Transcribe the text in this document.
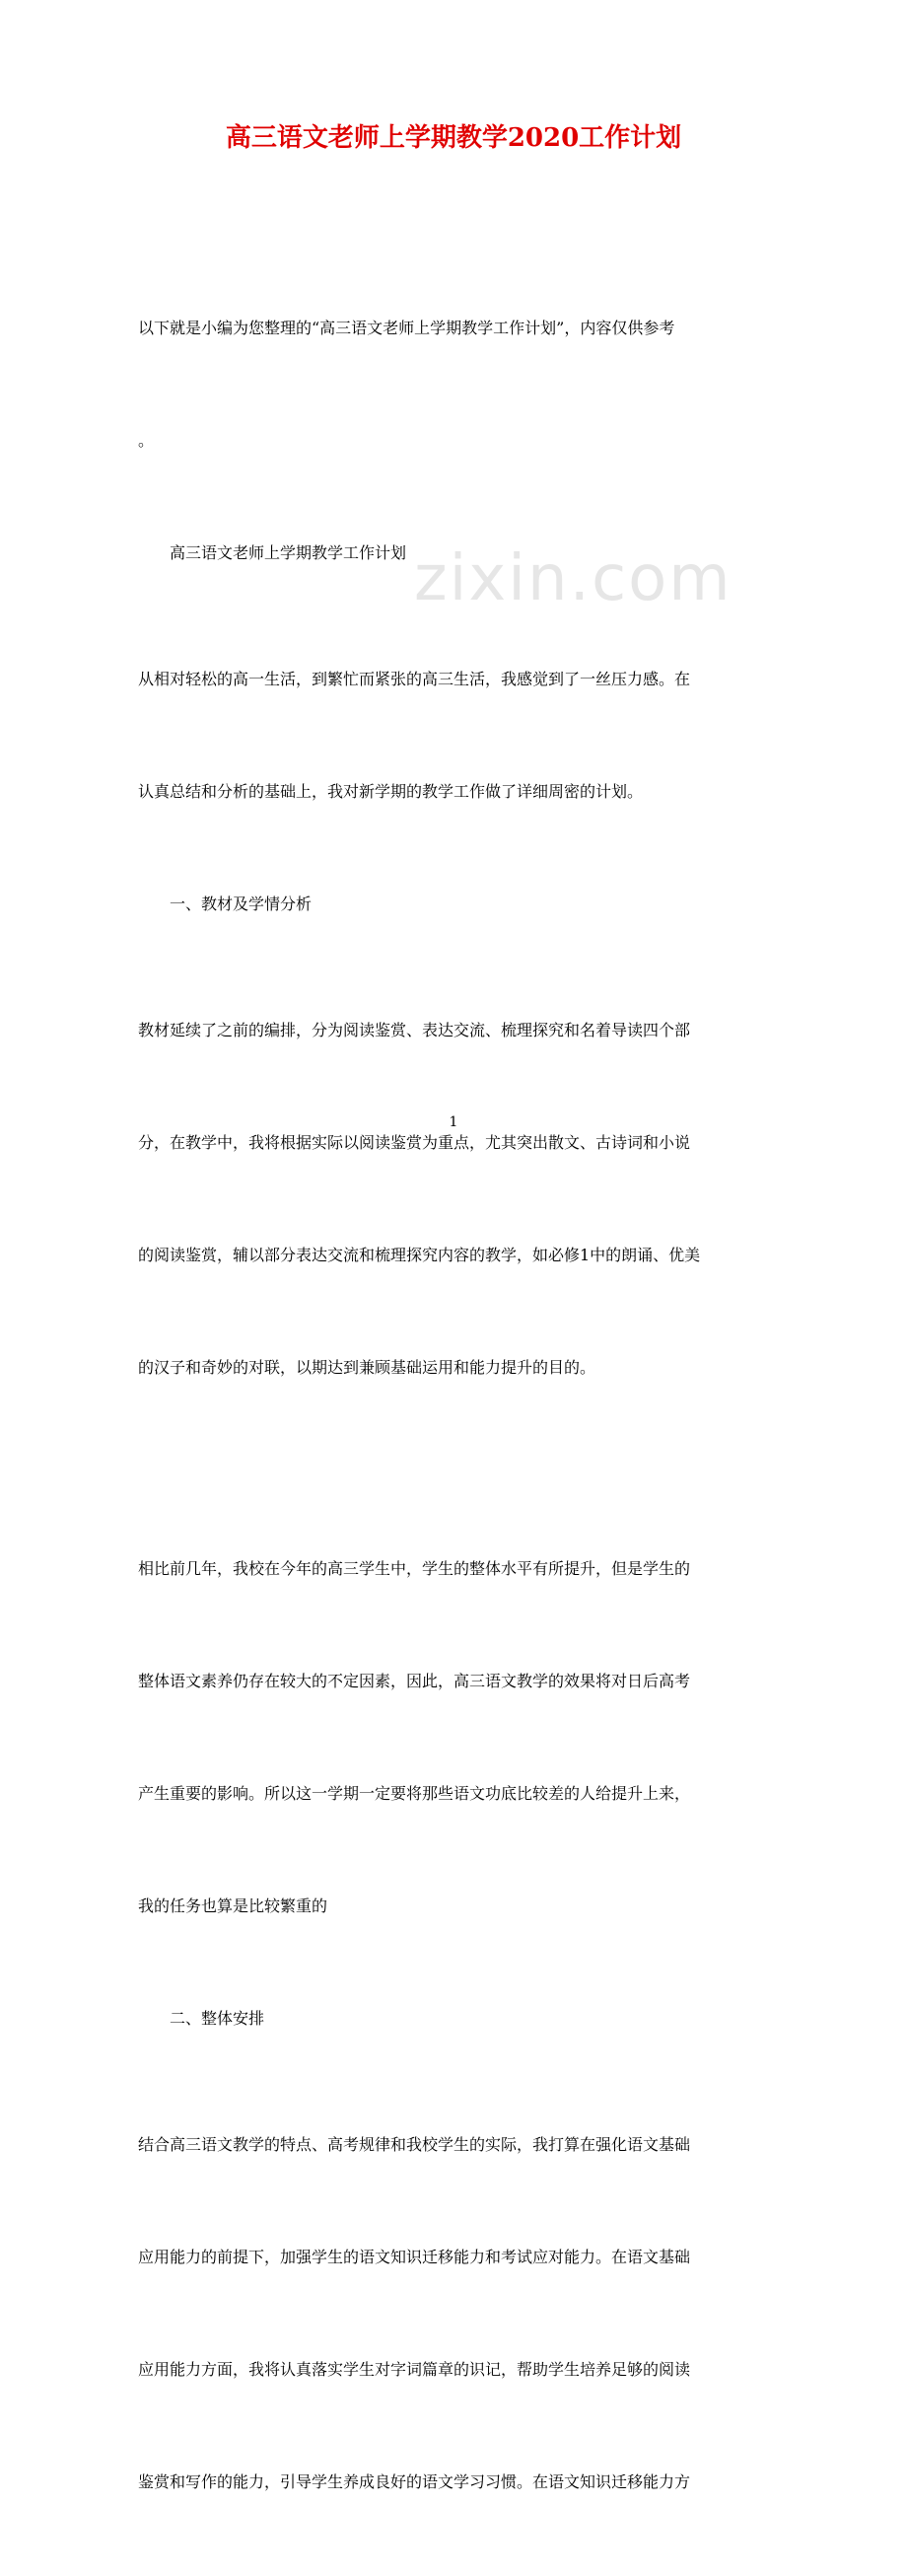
高三语文老师上学期教学2020工作计划
zixin.com

以下就是小编为您整理的“高三语文老师上学期教学工作计划”，内容仅供参考

。

高三语文老师上学期教学工作计划

从相对轻松的高一生活，到繁忙而紧张的高三生活，我感觉到了一丝压力感。在

认真总结和分析的基础上，我对新学期的教学工作做了详细周密的计划。

一、教材及学情分析

教材延续了之前的编排，分为阅读鉴赏、表达交流、梳理探究和名着导读四个部

分，在教学中，我将根据实际以阅读鉴赏为重点，尤其突出散文、古诗词和小说

的阅读鉴赏，辅以部分表达交流和梳理探究内容的教学，如必修1中的朗诵、优美

的汉子和奇妙的对联，以期达到兼顾基础运用和能力提升的目的。

相比前几年，我校在今年的高三学生中，学生的整体水平有所提升，但是学生的

整体语文素养仍存在较大的不定因素，因此，高三语文教学的效果将对日后高考

产生重要的影响。所以这一学期一定要将那些语文功底比较差的人给提升上来，

我的任务也算是比较繁重的

二、整体安排

结合高三语文教学的特点、高考规律和我校学生的实际，我打算在强化语文基础

应用能力的前提下，加强学生的语文知识迁移能力和考试应对能力。在语文基础

应用能力方面，我将认真落实学生对字词篇章的识记，帮助学生培养足够的阅读

鉴赏和写作的能力，引导学生养成良好的语文学习习惯。在语文知识迁移能力方

1
